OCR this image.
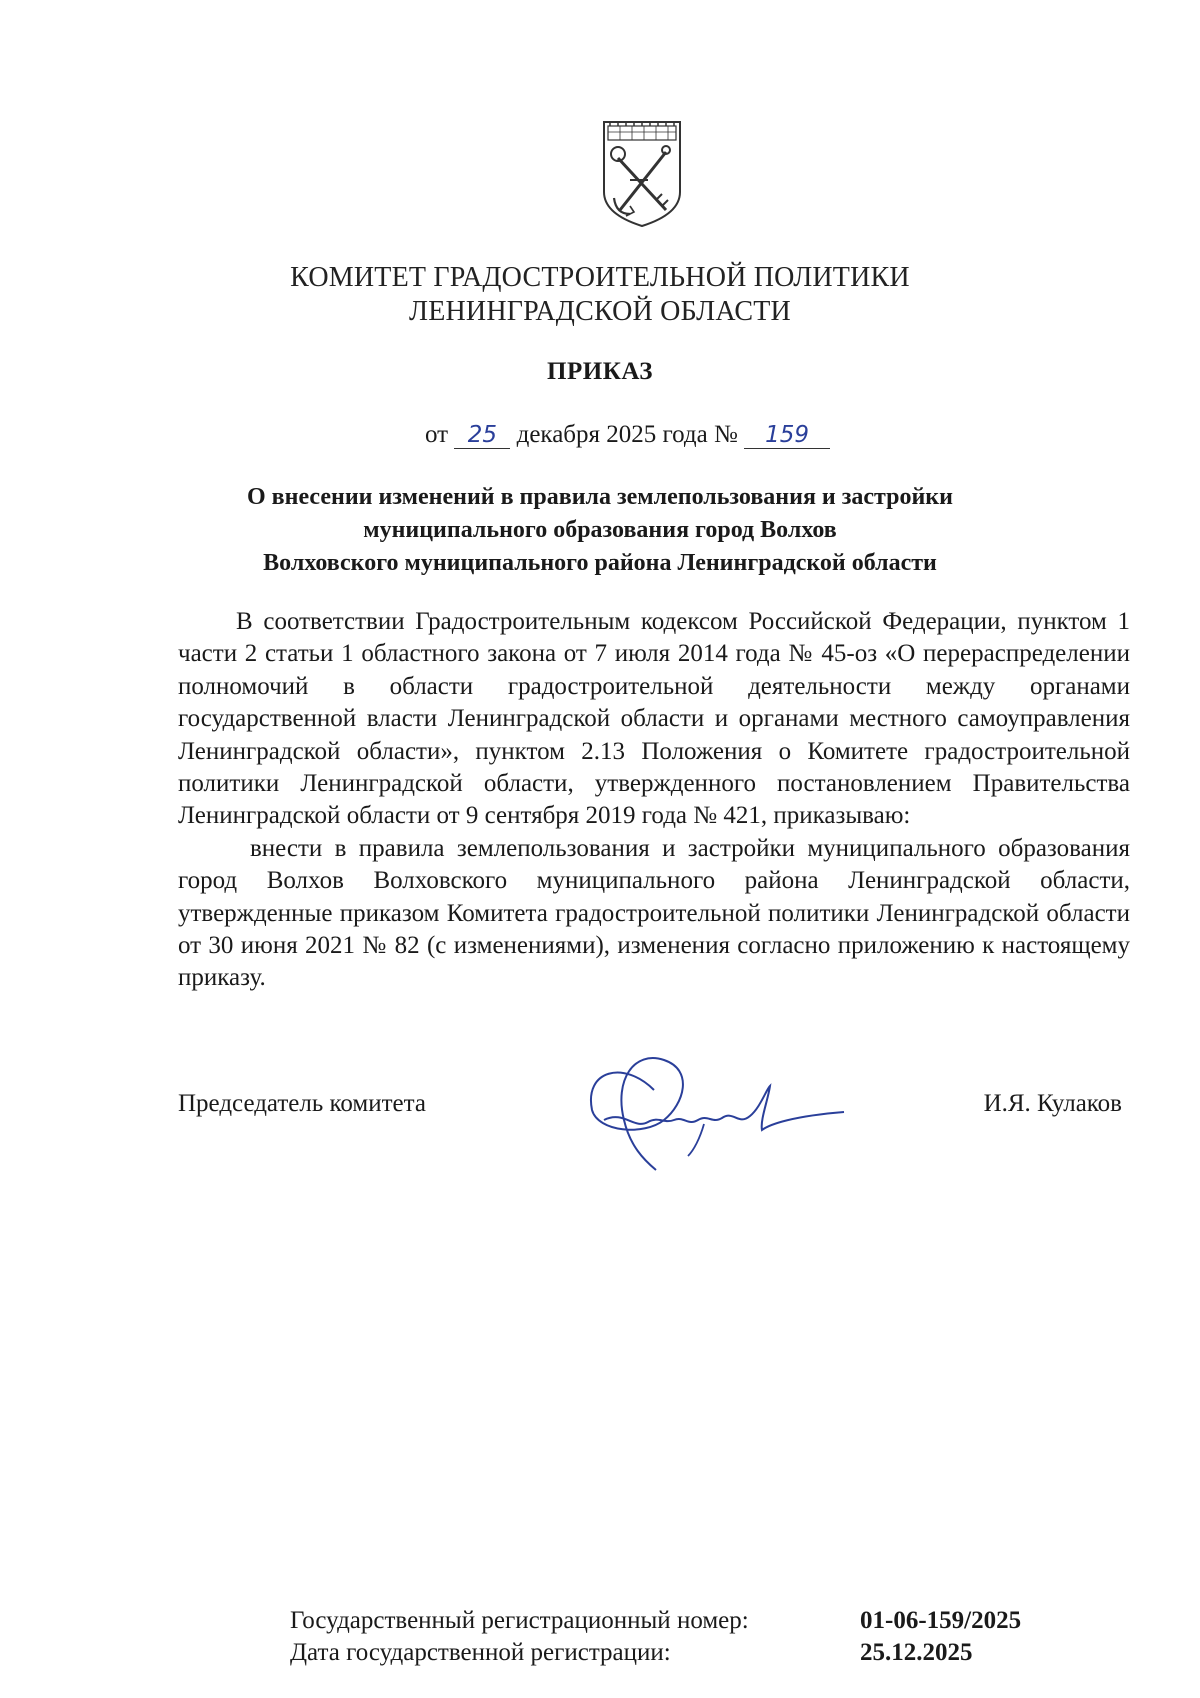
КОМИТЕТ ГРАДОСТРОИТЕЛЬНОЙ ПОЛИТИКИ
ЛЕНИНГРАДСКОЙ ОБЛАСТИ
ПРИКАЗ
от 25 декабря 2025 года № 159
О внесении изменений в правила землепользования и застройки
муниципального образования город Волхов
Волховского муниципального района Ленинградской области

В соответствии Градостроительным кодексом Российской Федерации, пунктом 1 части 2 статьи 1 областного закона от 7 июля 2014 года № 45-оз «О перераспределении полномочий в области градостроительной деятельности между органами государственной власти Ленинградской области и органами местного самоуправления Ленинградской области», пунктом 2.13 Положения о Комитете градостроительной политики Ленинградской области, утвержденного постановлением Правительства Ленинградской области от 9 сентября 2019 года № 421, приказываю:

внести в правила землепользования и застройки муниципального образования город Волхов Волховского муниципального района Ленинградской области, утвержденные приказом Комитета градостроительной политики Ленинградской области от 30 июня 2021 № 82 (с изменениями), изменения согласно приложению к настоящему приказу.

Председатель комитета	И.Я. Кулаков
Государственный регистрационный номер:	01-06-159/2025
Дата государственной регистрации:	25.12.2025
